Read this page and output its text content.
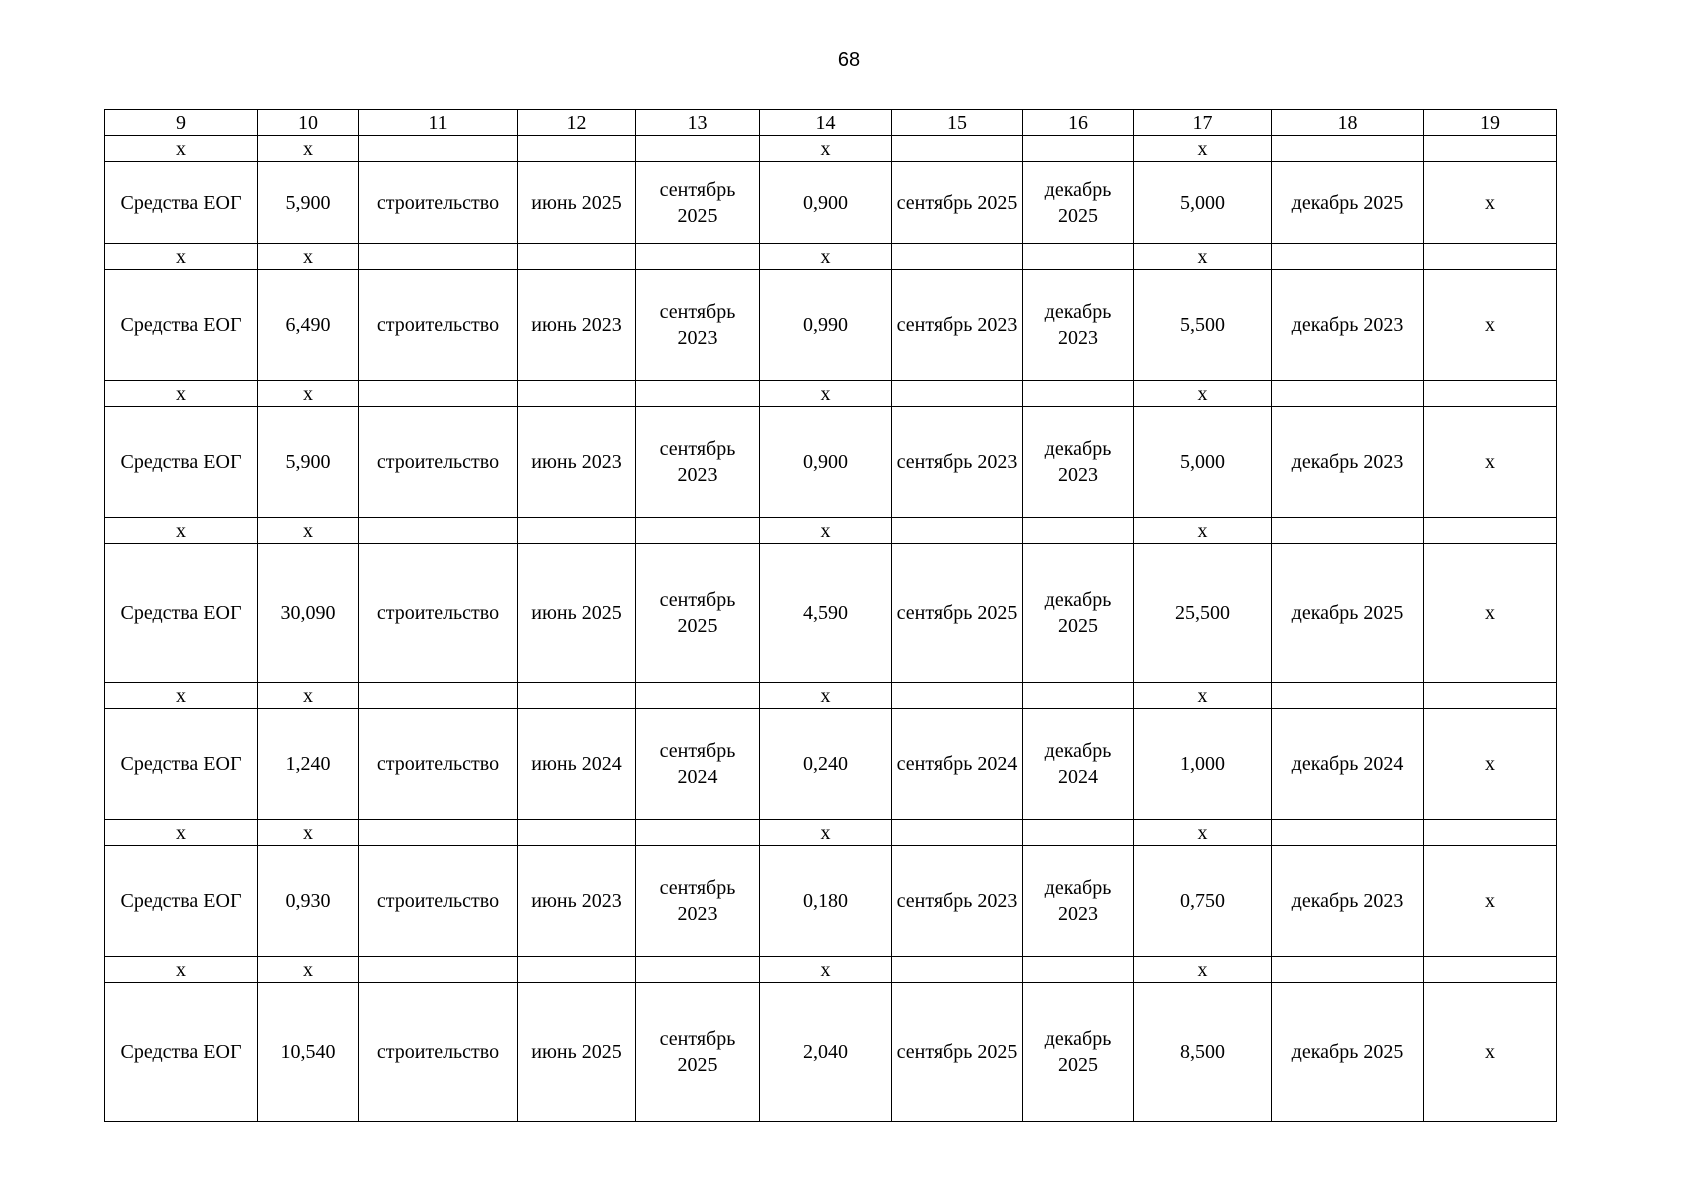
68
9	10	11	12	13	14	15	16	17	18	19
x	x				x			x		
Средства ЕОГ	5,900	строительство	июнь 2025	сентябрь 2025	0,900	сентябрь 2025	декабрь 2025	5,000	декабрь 2025	x
x	x				x			x		
Средства ЕОГ	6,490	строительство	июнь 2023	сентябрь 2023	0,990	сентябрь 2023	декабрь 2023	5,500	декабрь 2023	x
x	x				x			x		
Средства ЕОГ	5,900	строительство	июнь 2023	сентябрь 2023	0,900	сентябрь 2023	декабрь 2023	5,000	декабрь 2023	x
x	x				x			x		
Средства ЕОГ	30,090	строительство	июнь 2025	сентябрь 2025	4,590	сентябрь 2025	декабрь 2025	25,500	декабрь 2025	x
x	x				x			x		
Средства ЕОГ	1,240	строительство	июнь 2024	сентябрь 2024	0,240	сентябрь 2024	декабрь 2024	1,000	декабрь 2024	x
x	x				x			x		
Средства ЕОГ	0,930	строительство	июнь 2023	сентябрь 2023	0,180	сентябрь 2023	декабрь 2023	0,750	декабрь 2023	x
x	x				x			x		
Средства ЕОГ	10,540	строительство	июнь 2025	сентябрь 2025	2,040	сентябрь 2025	декабрь 2025	8,500	декабрь 2025	x
